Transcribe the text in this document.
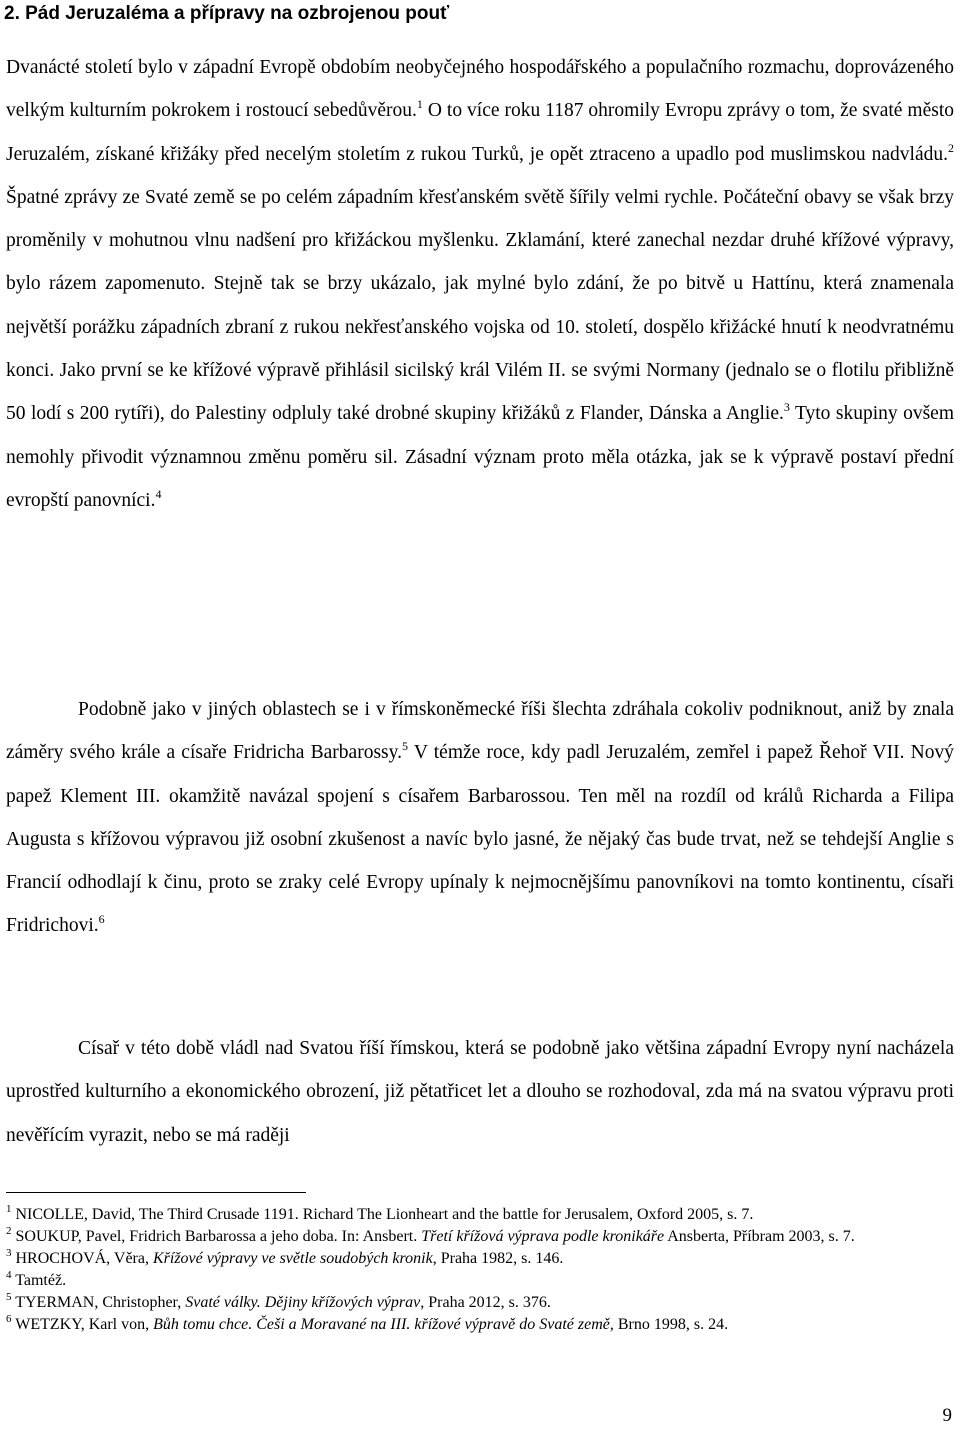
2. Pád Jeruzaléma a přípravy na ozbrojenou pouť

Dvanácté století bylo v západní Evropě obdobím neobyčejného hospodářského a populačního rozmachu, doprovázeného velkým kulturním pokrokem i rostoucí sebedůvěrou.$^1$ O to více roku 1187 ohromily Evropu zprávy o tom, že svaté město Jeruzalém, získané křižáky před necelým stoletím z rukou Turků, je opět ztraceno a upadlo pod muslimskou nadvládu.$^2$ Špatné zprávy ze Svaté země se po celém západním křesťanském světě šířily velmi rychle. Počáteční obavy se však brzy proměnily v mohutnou vlnu nadšení pro křižáckou myšlenku. Zklamání, které zanechal nezdar druhé křížové výpravy, bylo rázem zapomenuto. Stejně tak se brzy ukázalo, jak mylné bylo zdání, že po bitvě u Hattínu, která znamenala největší porážku západních zbraní z rukou nekřesťanského vojska od 10. století, dospělo křižácké hnutí k neodvratnému konci. Jako první se ke křížové výpravě přihlásil sicilský král Vilém II. se svými Normany (jednalo se o flotilu přibližně 50 lodí s 200 rytíři), do Palestiny odpluly také drobné skupiny křižáků z Flander, Dánska a Anglie.$^3$ Tyto skupiny ovšem nemohly přivodit významnou změnu poměru sil. Zásadní význam proto měla otázka, jak se k výpravě postaví přední evropští panovníci.$^4$

Podobně jako v jiných oblastech se i v římskoněmecké říši šlechta zdráhala cokoliv podniknout, aniž by znala záměry svého krále a císaře Fridricha Barbarossy.$^5$ V témže roce, kdy padl Jeruzalém, zemřel i papež Řehoř VII. Nový papež Klement III. okamžitě navázal spojení s císařem Barbarossou. Ten měl na rozdíl od králů Richarda a Filipa Augusta s křížovou výpravou již osobní zkušenost a navíc bylo jasné, že nějaký čas bude trvat, než se tehdejší Anglie s Francií odhodlají k činu, proto se zraky celé Evropy upínaly k nejmocnějšímu panovníkovi na tomto kontinentu, císaři Fridrichovi.$^6$

Císař v této době vládl nad Svatou říší římskou, která se podobně jako většina západní Evropy nyní nacházela uprostřed kulturního a ekonomického obrození, již pětatřicet let a dlouho se rozhodoval, zda má na svatou výpravu proti nevěřícím vyrazit, nebo se má raději

$^1$ NICOLLE, David, The Third Crusade 1191. Richard The Lionheart and the battle for Jerusalem, Oxford 2005, s. 7.

$^2$ SOUKUP, Pavel, Fridrich Barbarossa a jeho doba. In: Ansbert. Třetí křížová výprava podle kronikáře Ansberta, Příbram 2003, s. 7.

$^3$ HROCHOVÁ, Věra, Křížové výpravy ve světle soudobých kronik, Praha 1982, s. 146.

$^4$ Tamtéž.

$^5$ TYERMAN, Christopher, Svaté války. Dějiny křížových výprav, Praha 2012, s. 376.

$^6$ WETZKY, Karl von, Bůh tomu chce. Češi a Moravané na III. křížové výpravě do Svaté země, Brno 1998, s. 24.

9
